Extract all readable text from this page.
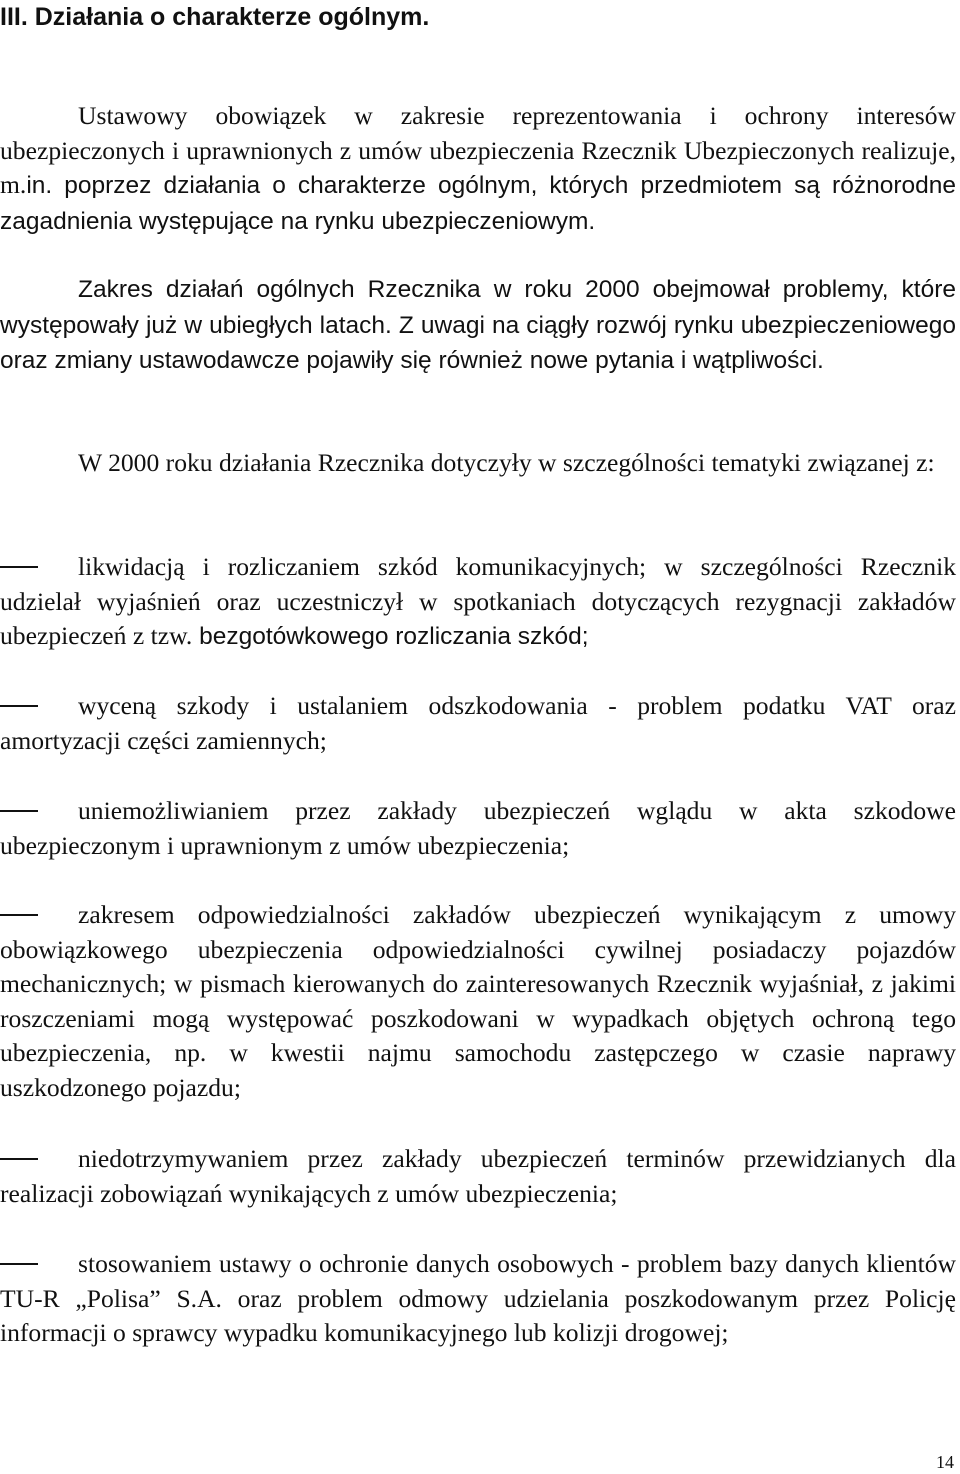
III. Działania o charakterze ogólnym.

Ustawowy obowiązek w zakresie reprezentowania i ochrony interesów ubezpieczonych i uprawnionych z umów ubezpieczenia Rzecznik Ubezpieczonych realizuje, m.in. poprzez działania o charakterze ogólnym, których przedmiotem są różnorodne zagadnienia występujące na rynku ubezpieczeniowym.

Zakres działań ogólnych Rzecznika w roku 2000 obejmował problemy, które występowały już w ubiegłych latach. Z uwagi na ciągły rozwój rynku ubezpieczeniowego oraz zmiany ustawodawcze pojawiły się również nowe pytania i wątpliwości.

W 2000 roku działania Rzecznika dotyczyły w szczególności tematyki związanej z:

likwidacją i rozliczaniem szkód komunikacyjnych; w szczególności Rzecznik udzielał wyjaśnień oraz uczestniczył w spotkaniach dotyczących rezygnacji zakładów ubezpieczeń z tzw. bezgotówkowego rozliczania szkód;

wyceną szkody i ustalaniem odszkodowania - problem podatku VAT oraz amortyzacji części zamiennych;

uniemożliwianiem przez zakłady ubezpieczeń wglądu w akta szkodowe ubezpieczonym i uprawnionym z umów ubezpieczenia;

zakresem odpowiedzialności zakładów ubezpieczeń wynikającym z umowy obowiązkowego ubezpieczenia odpowiedzialności cywilnej posiadaczy pojazdów mechanicznych; w pismach kierowanych do zainteresowanych Rzecznik wyjaśniał, z jakimi roszczeniami mogą występować poszkodowani w wypadkach objętych ochroną tego ubezpieczenia, np. w kwestii najmu samochodu zastępczego w czasie naprawy uszkodzonego pojazdu;

niedotrzymywaniem przez zakłady ubezpieczeń terminów przewidzianych dla realizacji zobowiązań wynikających z umów ubezpieczenia;

stosowaniem ustawy o ochronie danych osobowych - problem bazy danych klientów TU-R „Polisa” S.A. oraz problem odmowy udzielania poszkodowanym przez Policję informacji o sprawcy wypadku komunikacyjnego lub kolizji drogowej;

14
